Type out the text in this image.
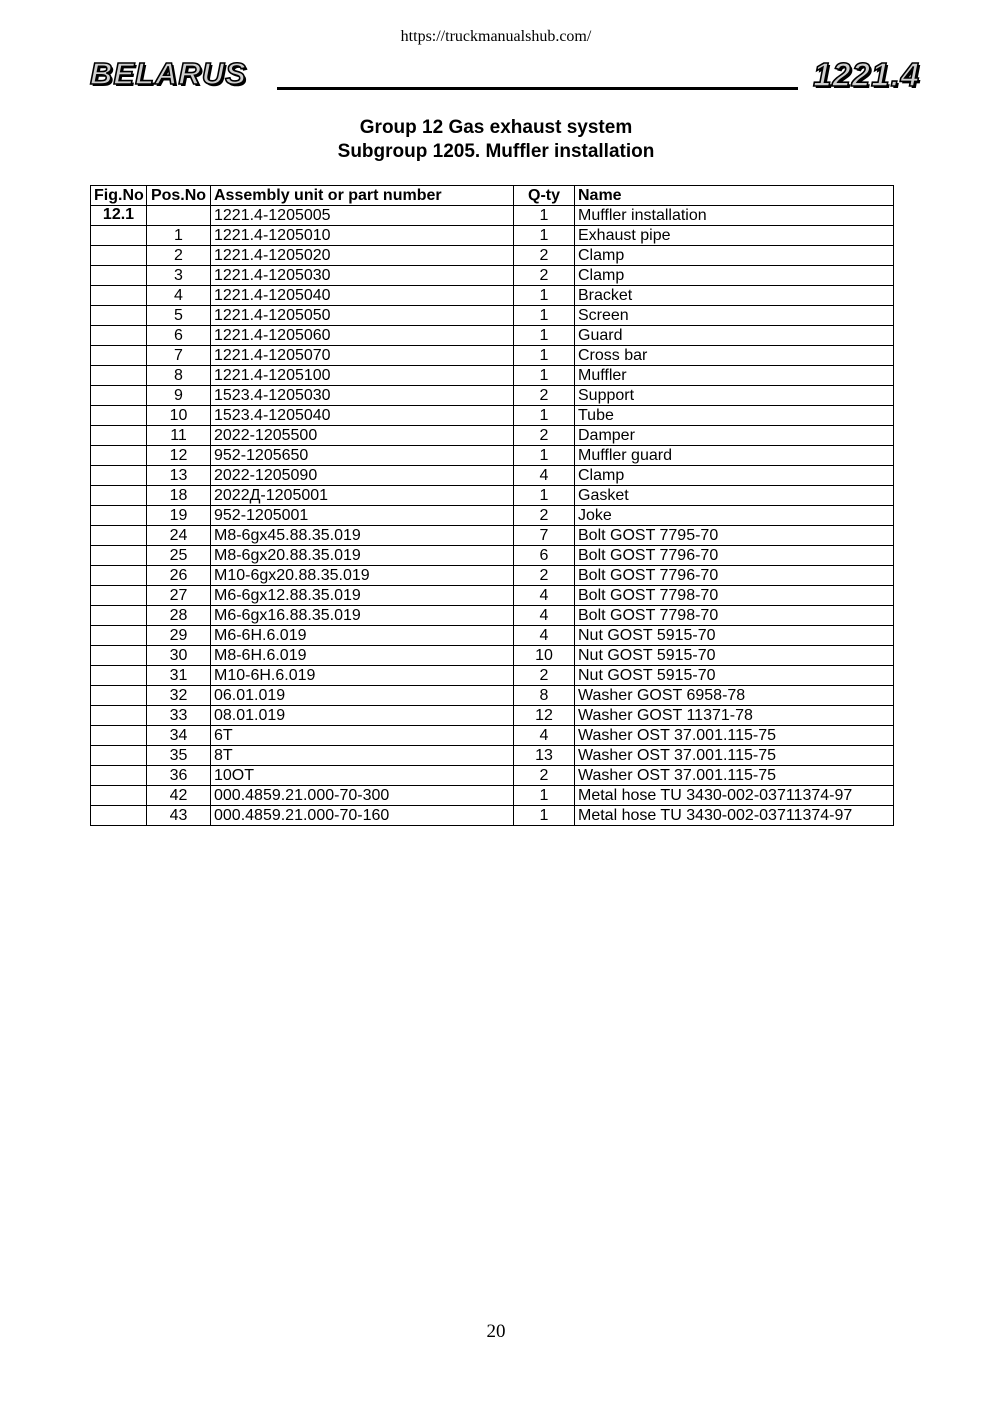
https://truckmanualshub.com/
BELARUS	1221.4
Group 12 Gas exhaust system
Subgroup 1205. Muffler installation
Fig.No	Pos.No	Assembly unit or part number	Q-ty	Name
12.1		1221.4-1205005	1	Muffler installation
	1	1221.4-1205010	1	Exhaust pipe
	2	1221.4-1205020	2	Clamp
	3	1221.4-1205030	2	Clamp
	4	1221.4-1205040	1	Bracket
	5	1221.4-1205050	1	Screen
	6	1221.4-1205060	1	Guard
	7	1221.4-1205070	1	Cross bar
	8	1221.4-1205100	1	Muffler
	9	1523.4-1205030	2	Support
	10	1523.4-1205040	1	Tube
	11	2022-1205500	2	Damper
	12	952-1205650	1	Muffler guard
	13	2022-1205090	4	Clamp
	18	2022Д-1205001	1	Gasket
	19	952-1205001	2	Joke
	24	M8-6gx45.88.35.019	7	Bolt GOST 7795-70
	25	M8-6gx20.88.35.019	6	Bolt GOST 7796-70
	26	M10-6gx20.88.35.019	2	Bolt GOST 7796-70
	27	M6-6gx12.88.35.019	4	Bolt GOST 7798-70
	28	M6-6gx16.88.35.019	4	Bolt GOST 7798-70
	29	M6-6H.6.019	4	Nut GOST 5915-70
	30	M8-6H.6.019	10	Nut GOST 5915-70
	31	M10-6H.6.019	2	Nut GOST 5915-70
	32	06.01.019	8	Washer GOST 6958-78
	33	08.01.019	12	Washer GOST 11371-78
	34	6T	4	Washer OST 37.001.115-75
	35	8T	13	Washer OST 37.001.115-75
	36	10OT	2	Washer OST 37.001.115-75
	42	000.4859.21.000-70-300	1	Metal hose TU 3430-002-03711374-97
	43	000.4859.21.000-70-160	1	Metal hose TU 3430-002-03711374-97
20
